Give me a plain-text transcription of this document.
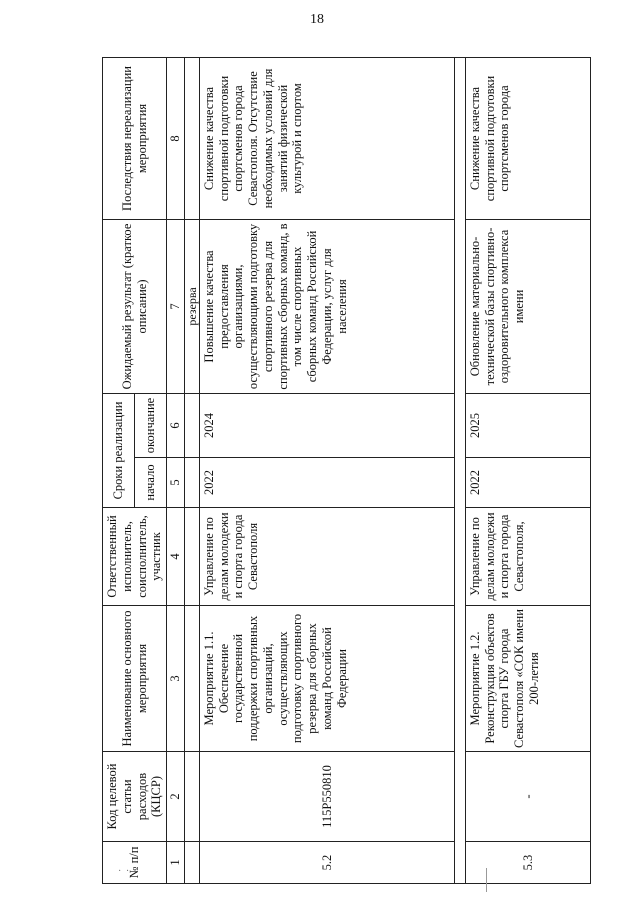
18
№ п/п	Код целевой статьи расходов (КЦСР)	Наименование основного мероприятия	Ответственный исполнитель, соисполнитель, участник	Сроки реализации		Ожидаемый результат (краткое описание)	Последствия нереализации мероприятия
				начало	окончание		
1	2	3	4	5	6	7	8
						резерва	
5.2	115P550810	Мероприятие 1.1. Обеспечение государственной поддержки спортивных организаций, осуществляющих подготовку спортивного резерва для сборных команд Российской Федерации	Управление по делам молодежи и спорта города Севастополя	2022	2024	Повышение качества предоставления организациями, осуществляющими подготовку спортивного резерва для спортивных сборных команд, в том числе спортивных сборных команд Российской Федерации, услуг для населения	Снижение качества спортивной подготовки спортсменов города Севастополя. Отсутствие необходимых условий для занятий физической культурой и спортом

5.3	-	Мероприятие 1.2. Реконструкция объектов спорта ГБУ города Севастополя «СОК имени 200-летия	Управление по делам молодежи и спорта города Севастополя,	2022	2025	Обновление материально-технической базы спортивно-оздоровительного комплекса имени	Снижение качества спортивной подготовки спортсменов города
· ·
